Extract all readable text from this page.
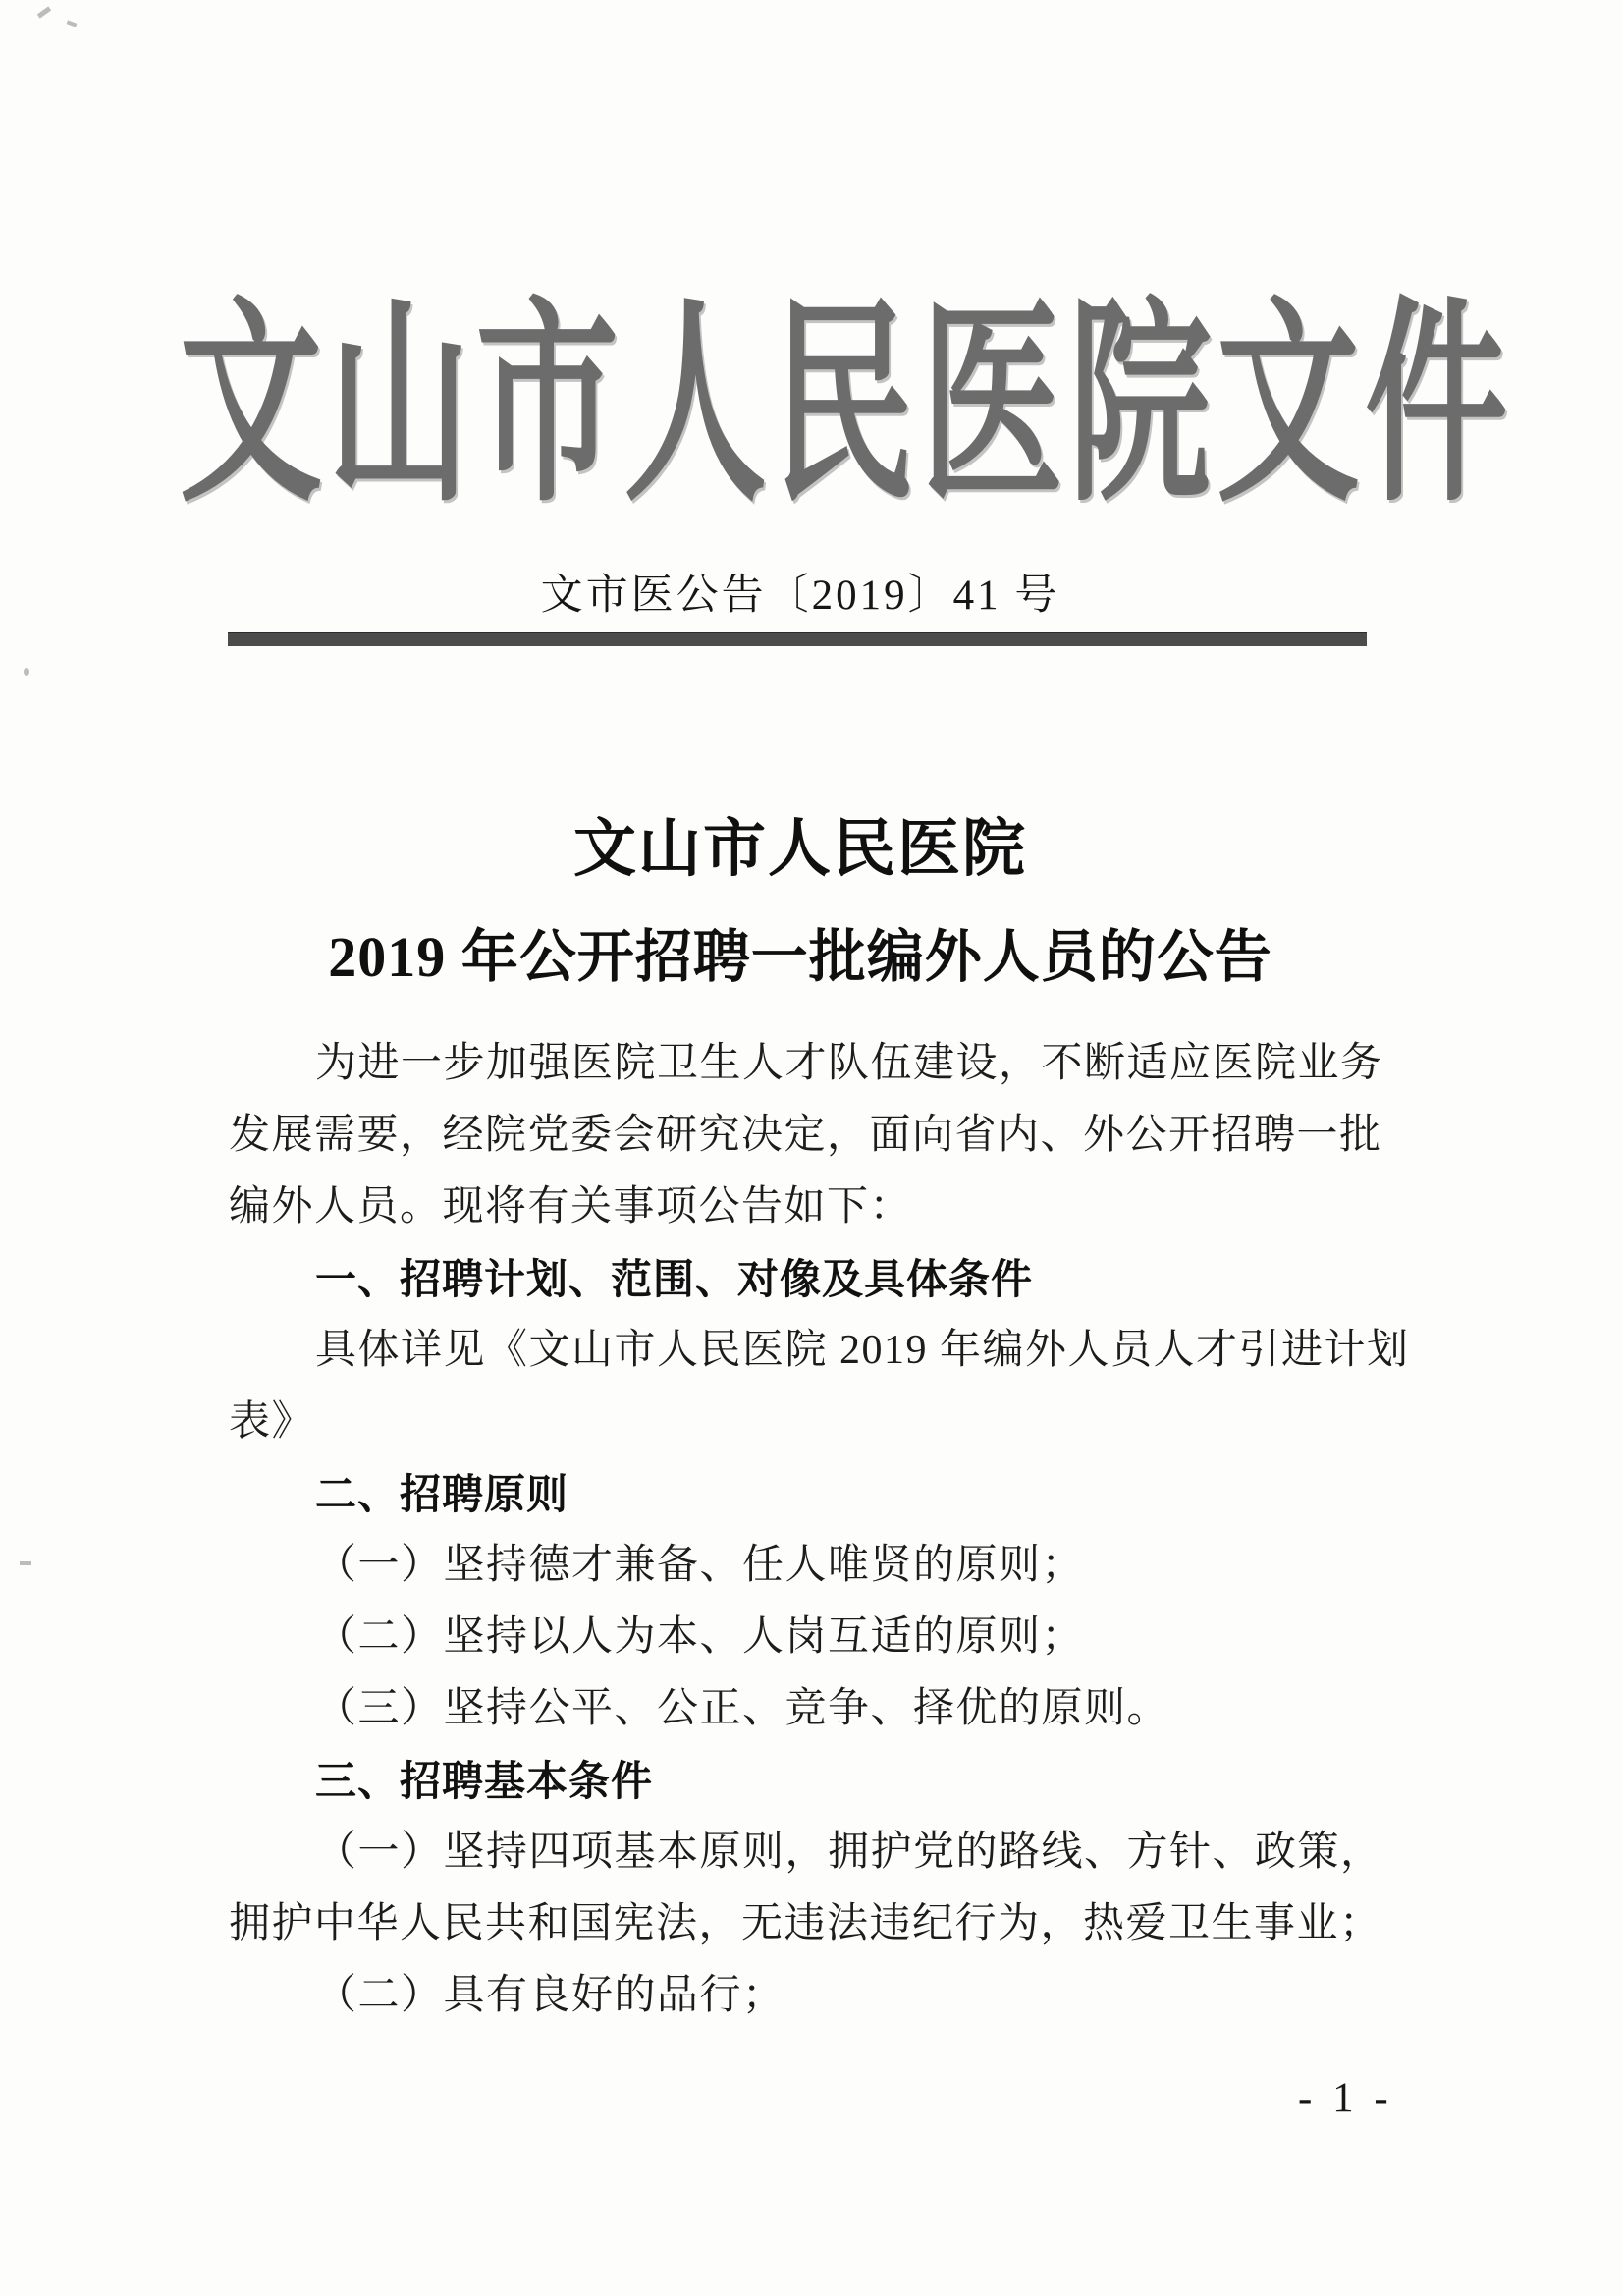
文山市人民医院文件
文市医公告〔2019〕41 号
文山市人民医院
2019 年公开招聘一批编外人员的公告
为进一步加强医院卫生人才队伍建设，不断适应医院业务
发展需要，经院党委会研究决定，面向省内、外公开招聘一批
编外人员。现将有关事项公告如下：
一、招聘计划、范围、对像及具体条件
具体详见《文山市人民医院 2019 年编外人员人才引进计划
表》
二、招聘原则
（一）坚持德才兼备、任人唯贤的原则；
（二）坚持以人为本、人岗互适的原则；
（三）坚持公平、公正、竞争、择优的原则。
三、招聘基本条件
（一）坚持四项基本原则，拥护党的路线、方针、政策，
拥护中华人民共和国宪法，无违法违纪行为，热爱卫生事业；
（二）具有良好的品行；
- 1 -
